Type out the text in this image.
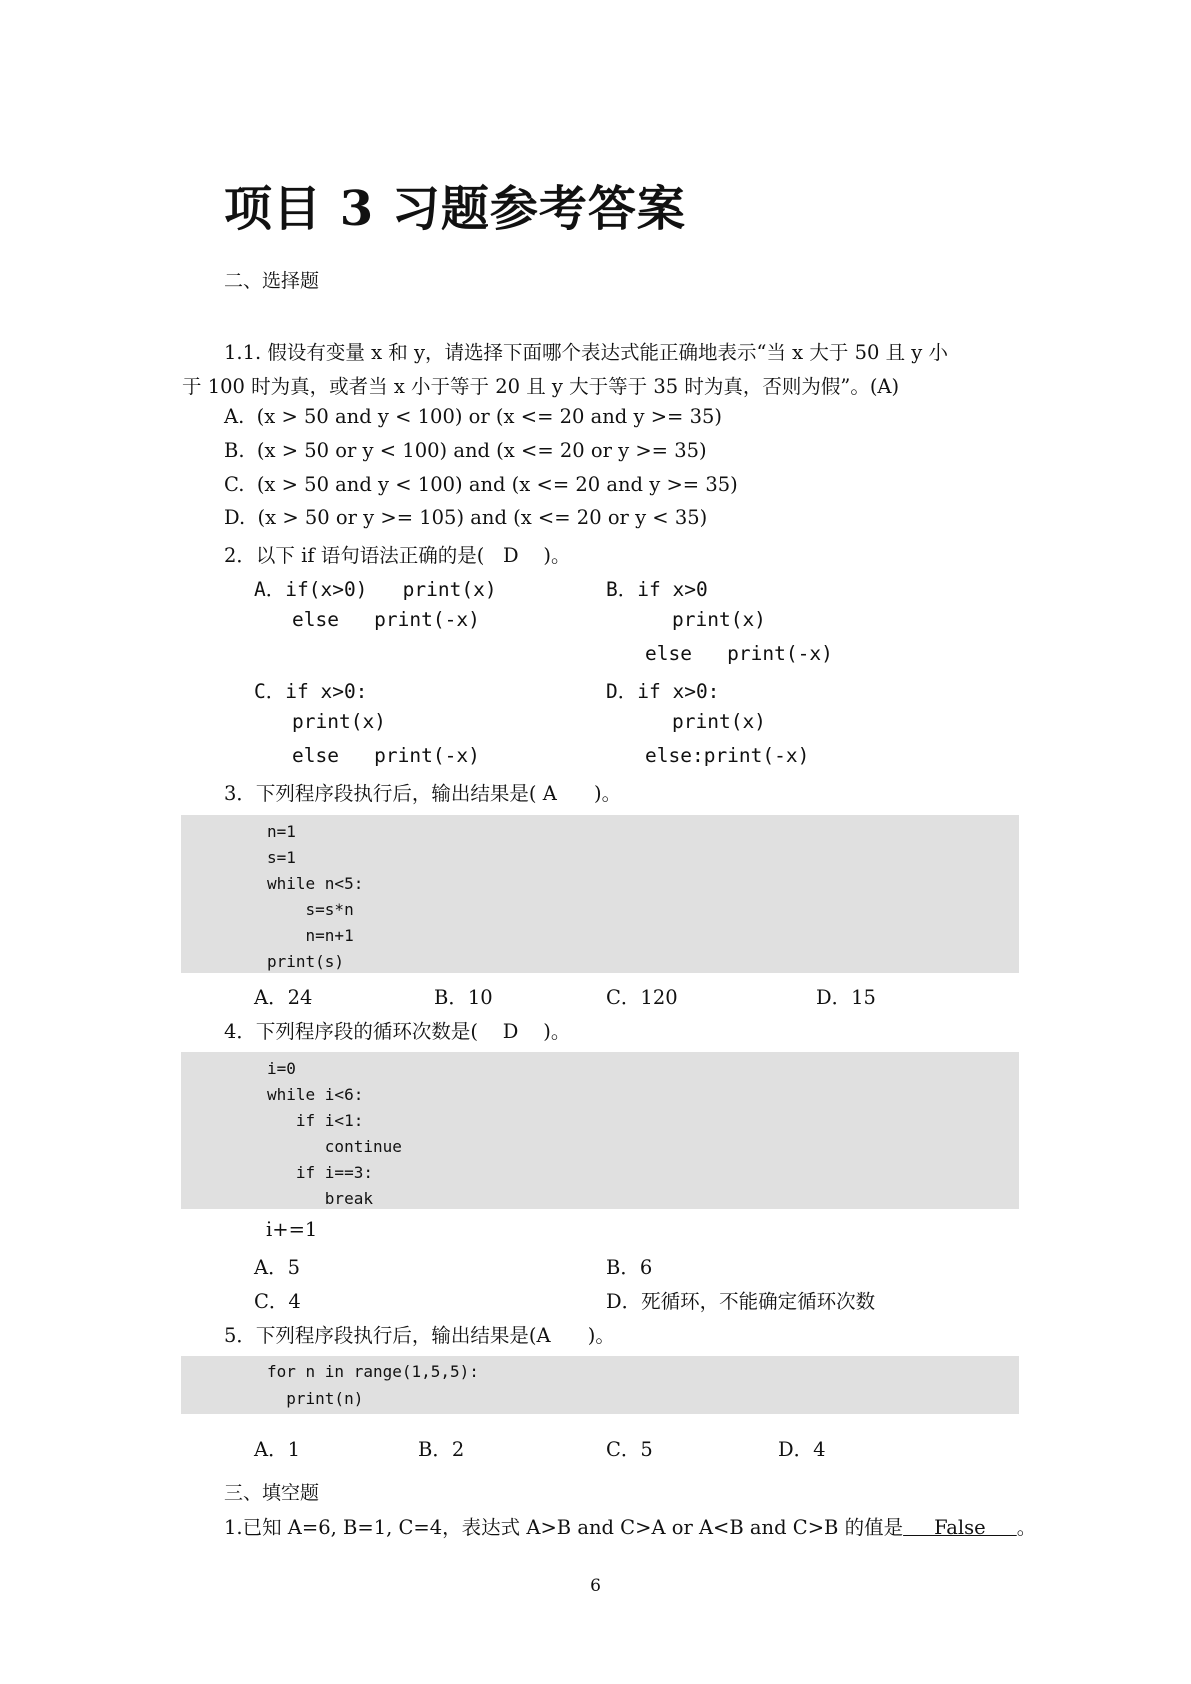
项目 3 习题参考答案
二、选择题
1.1. 假设有变量 x 和 y，请选择下面哪个表达式能正确地表示“当 x 大于 50 且 y 小
于 100 时为真，或者当 x 小于等于 20 且 y 大于等于 35 时为真，否则为假”。(A)
A.  (x > 50 and y < 100) or (x <= 20 and y >= 35)
B.  (x > 50 or y < 100) and (x <= 20 or y >= 35)
C.  (x > 50 and y < 100) and (x <= 20 and y >= 35)
D.  (x > 50 or y >= 105) and (x <= 20 or y < 35)
2．以下 if 语句语法正确的是(   D    )。
A．if(x>0)   print(x)
else   print(-x)
B．if x>0
print(x)
else   print(-x)
C．if x>0:
print(x)
else   print(-x)
D．if x>0:
print(x)
else:print(-x)
3．下列程序段执行后，输出结果是( A      )。
n=1
s=1
while n<5:
s=s*n
n=n+1
print(s)
A．24	B．10	C．120	D．15
4．下列程序段的循环次数是(    D    )。
i=0
while i<6:
if i<1:
continue
if i==3:
break
i+=1
A．5	B．6
C．4	D．死循环，不能确定循环次数
5．下列程序段执行后，输出结果是(A      )。
for n in range(1,5,5):
print(n)
A．1	B．2	C．5	D．4
三、填空题
1.已知 A=6, B=1, C=4，表达式 A>B and C>A or A<B and C>B 的值是     False     。
6
